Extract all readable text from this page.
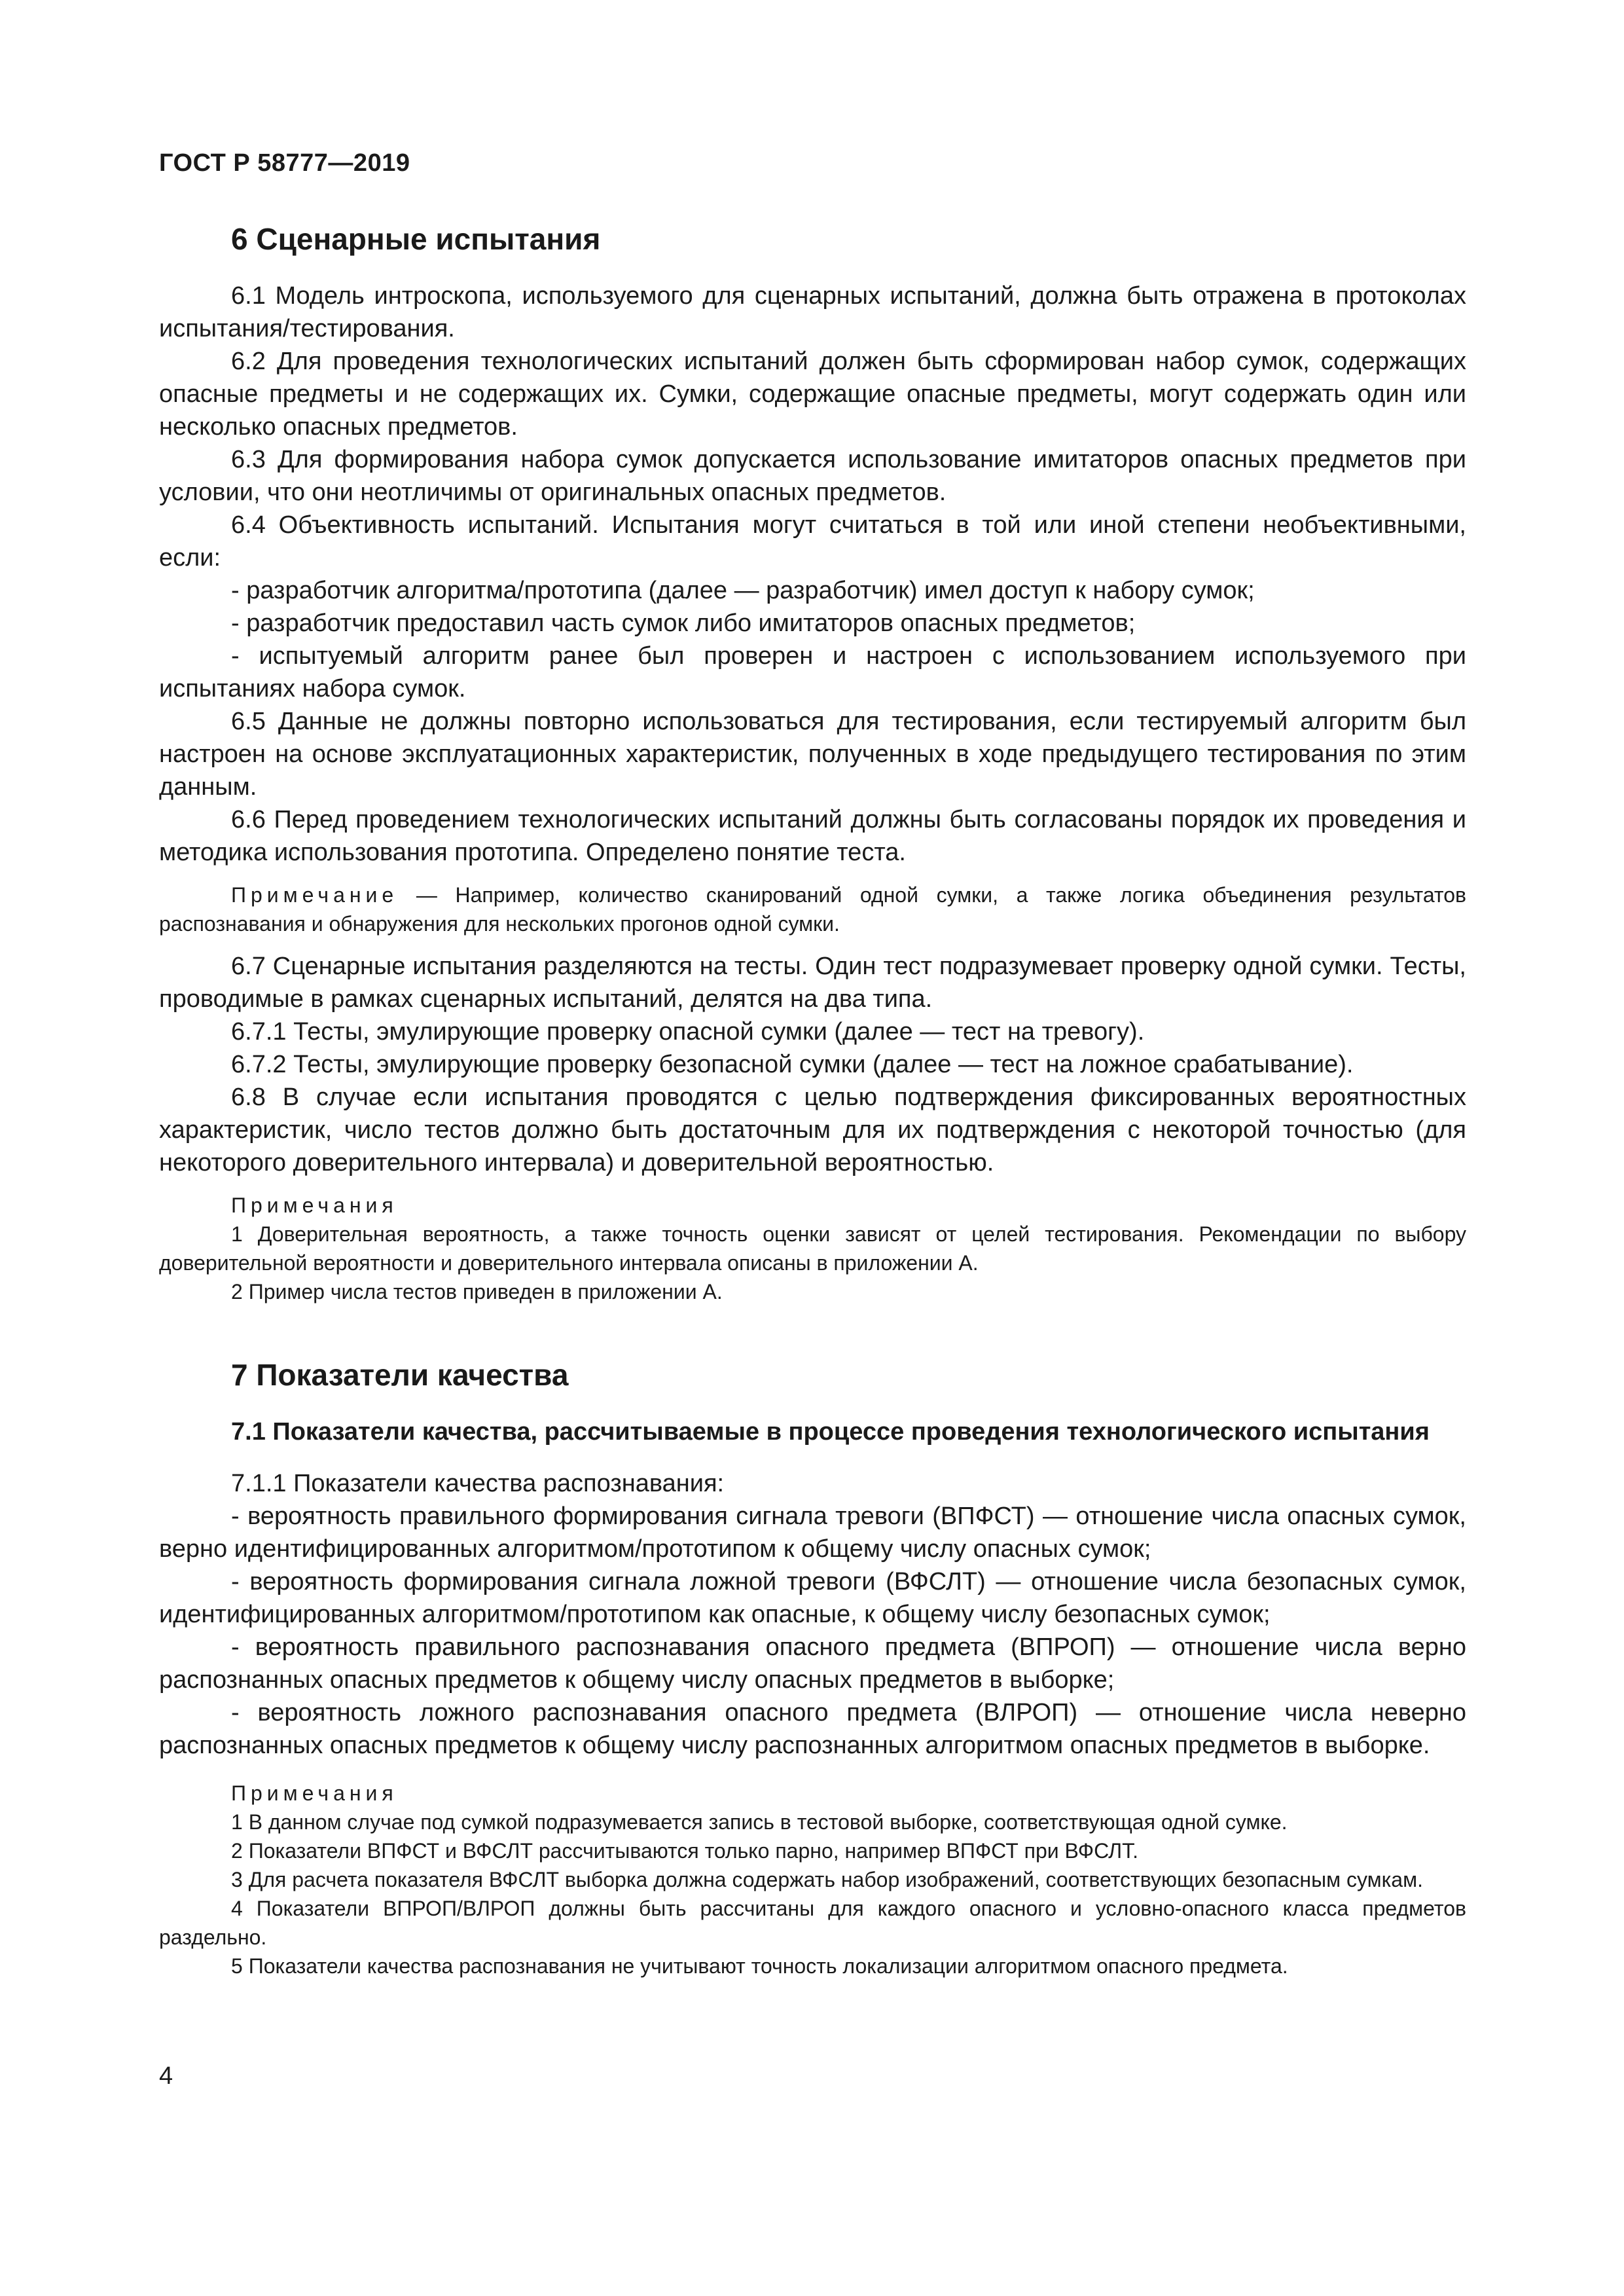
ГОСТ Р 58777—2019
6 Сценарные испытания

6.1 Модель интроскопа, используемого для сценарных испытаний, должна быть отражена в протоколах испытания/тестирования.

6.2 Для проведения технологических испытаний должен быть сформирован набор сумок, содержащих опасные предметы и не содержащих их. Сумки, содержащие опасные предметы, могут содержать один или несколько опасных предметов.

6.3 Для формирования набора сумок допускается использование имитаторов опасных предметов при условии, что они неотличимы от оригинальных опасных предметов.

6.4 Объективность испытаний. Испытания могут считаться в той или иной степени необъективными, если:

- разработчик алгоритма/прототипа (далее — разработчик) имел доступ к набору сумок;

- разработчик предоставил часть сумок либо имитаторов опасных предметов;

- испытуемый алгоритм ранее был проверен и настроен с использованием используемого при испытаниях набора сумок.

6.5 Данные не должны повторно использоваться для тестирования, если тестируемый алгоритм был настроен на основе эксплуатационных характеристик, полученных в ходе предыдущего тестирования по этим данным.

6.6 Перед проведением технологических испытаний должны быть согласованы порядок их проведения и методика использования прототипа. Определено понятие теста.

Примечание — Например, количество сканирований одной сумки, а также логика объединения результатов распознавания и обнаружения для нескольких прогонов одной сумки.

6.7 Сценарные испытания разделяются на тесты. Один тест подразумевает проверку одной сумки. Тесты, проводимые в рамках сценарных испытаний, делятся на два типа.

6.7.1 Тесты, эмулирующие проверку опасной сумки (далее — тест на тревогу).

6.7.2 Тесты, эмулирующие проверку безопасной сумки (далее — тест на ложное срабатывание).

6.8 В случае если испытания проводятся с целью подтверждения фиксированных вероятностных характеристик, число тестов должно быть достаточным для их подтверждения с некоторой точностью (для некоторого доверительного интервала) и доверительной вероятностью.

Примечания

1 Доверительная вероятность, а также точность оценки зависят от целей тестирования. Рекомендации по выбору доверительной вероятности и доверительного интервала описаны в приложении А.

2 Пример числа тестов приведен в приложении А.

7 Показатели качества
7.1 Показатели качества, рассчитываемые в процессе проведения технологического испытания

7.1.1 Показатели качества распознавания:

- вероятность правильного формирования сигнала тревоги (ВПФСТ) — отношение числа опасных сумок, верно идентифицированных алгоритмом/прототипом к общему числу опасных сумок;

- вероятность формирования сигнала ложной тревоги (ВФСЛТ) — отношение числа безопасных сумок, идентифицированных алгоритмом/прототипом как опасные, к общему числу безопасных сумок;

- вероятность правильного распознавания опасного предмета (ВПРОП) — отношение числа верно распознанных опасных предметов к общему числу опасных предметов в выборке;

- вероятность ложного распознавания опасного предмета (ВЛРОП) — отношение числа неверно распознанных опасных предметов к общему числу распознанных алгоритмом опасных предметов в выборке.

Примечания

1 В данном случае под сумкой подразумевается запись в тестовой выборке, соответствующая одной сумке.

2 Показатели ВПФСТ и ВФСЛТ рассчитываются только парно, например ВПФСТ при ВФСЛТ.

3 Для расчета показателя ВФСЛТ выборка должна содержать набор изображений, соответствующих безопасным сумкам.

4 Показатели ВПРОП/ВЛРОП должны быть рассчитаны для каждого опасного и условно-опасного класса предметов раздельно.

5 Показатели качества распознавания не учитывают точность локализации алгоритмом опасного предмета.

4
